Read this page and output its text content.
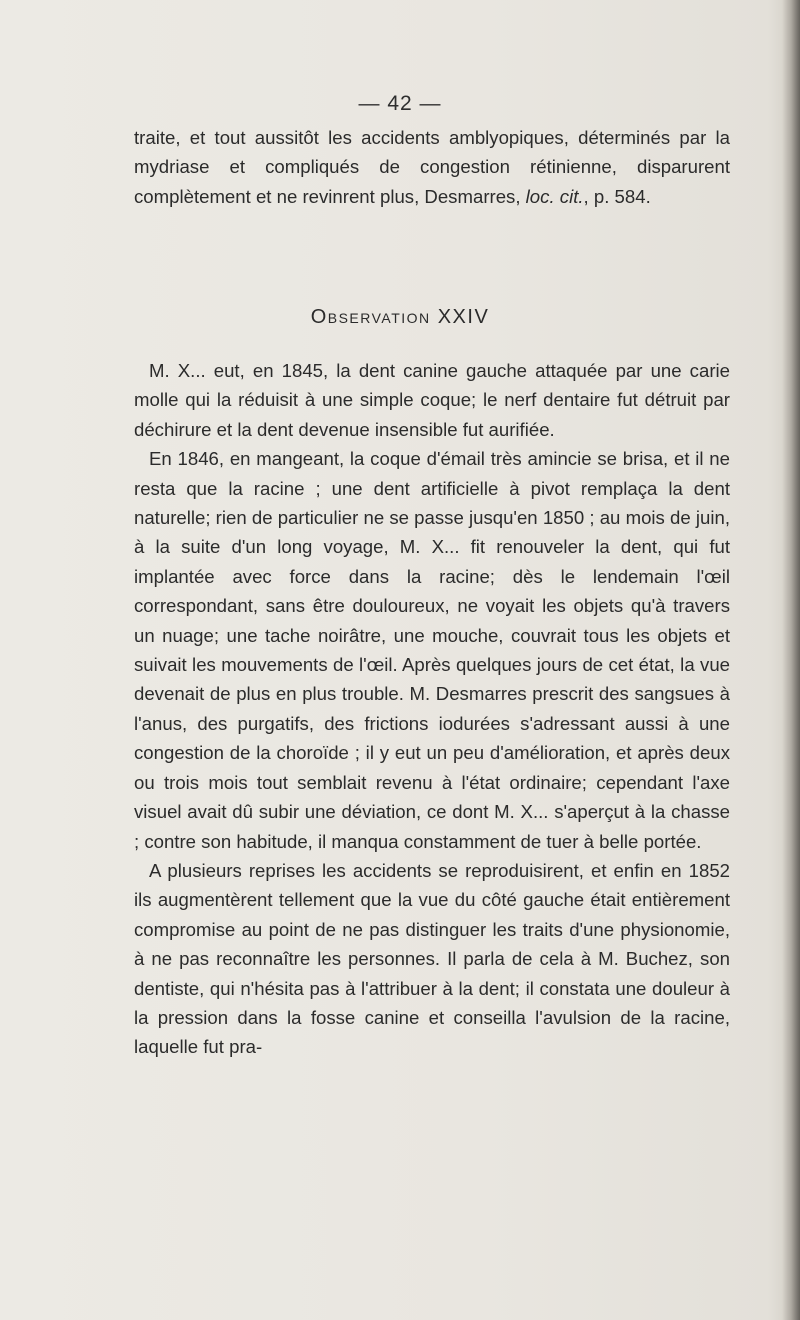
— 42 —

traite, et tout aussitôt les accidents amblyopiques, déterminés par la mydriase et compliqués de congestion rétinienne, disparurent complètement et ne revinrent plus, Desmarres, loc. cit., p. 584.

Observation XXIV

M. X... eut, en 1845, la dent canine gauche attaquée par une carie molle qui la réduisit à une simple coque; le nerf dentaire fut détruit par déchirure et la dent devenue insensible fut aurifiée.

En 1846, en mangeant, la coque d'émail très amincie se brisa, et il ne resta que la racine ; une dent artificielle à pivot remplaça la dent naturelle; rien de particulier ne se passe jusqu'en 1850 ; au mois de juin, à la suite d'un long voyage, M. X... fit renouveler la dent, qui fut implantée avec force dans la racine; dès le lendemain l'œil correspondant, sans être douloureux, ne voyait les objets qu'à travers un nuage; une tache noirâtre, une mouche, couvrait tous les objets et suivait les mouvements de l'œil. Après quelques jours de cet état, la vue devenait de plus en plus trouble. M. Desmarres prescrit des sangsues à l'anus, des purgatifs, des frictions iodurées s'adressant aussi à une congestion de la choroïde ; il y eut un peu d'amélioration, et après deux ou trois mois tout semblait revenu à l'état ordinaire; cependant l'axe visuel avait dû subir une déviation, ce dont M. X... s'aperçut à la chasse ; contre son habitude, il manqua constamment de tuer à belle portée.

A plusieurs reprises les accidents se reproduisirent, et enfin en 1852 ils augmentèrent tellement que la vue du côté gauche était entièrement compromise au point de ne pas distinguer les traits d'une physionomie, à ne pas reconnaître les personnes. Il parla de cela à M. Buchez, son dentiste, qui n'hésita pas à l'attribuer à la dent; il constata une douleur à la pression dans la fosse canine et conseilla l'avulsion de la racine, laquelle fut pra-
